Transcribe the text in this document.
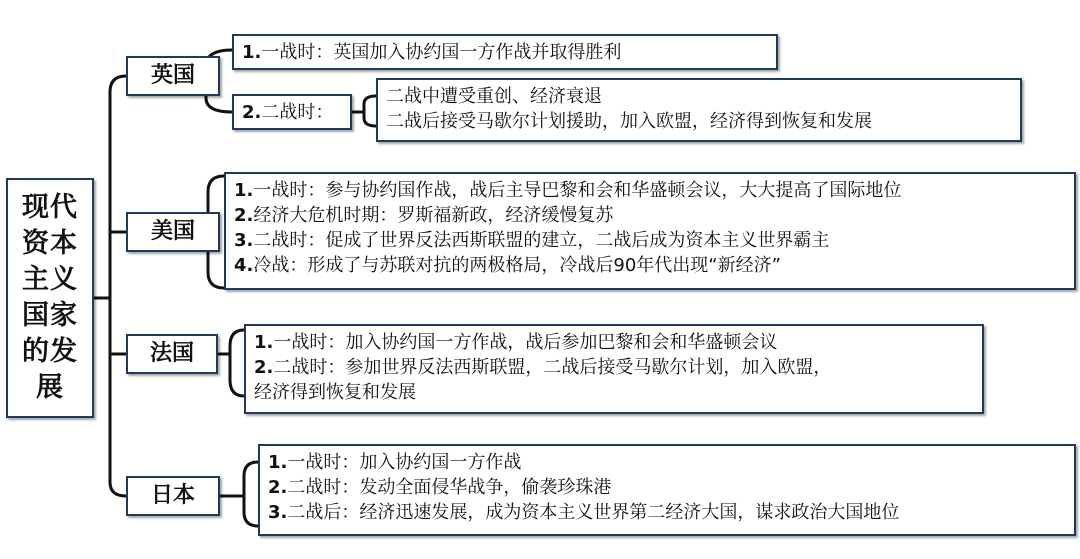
现代资本主义国家的发展
英国
1.一战时：英国加入协约国一方作战并取得胜利
2.二战时：
二战中遭受重创、经济衰退
二战后接受马歇尔计划援助，加入欧盟，经济得到恢复和发展
美国
1.一战时：参与协约国作战，战后主导巴黎和会和华盛顿会议，大大提高了国际地位
2.经济大危机时期：罗斯福新政，经济缓慢复苏
3.二战时：促成了世界反法西斯联盟的建立，二战后成为资本主义世界霸主
4.冷战：形成了与苏联对抗的两极格局，冷战后90年代出现“新经济”
法国	1.一战时：加入协约国一方作战，战后参加巴黎和会和华盛顿会议
2.二战时：参加世界反法西斯联盟，二战后接受马歇尔计划，加入欧盟，
经济得到恢复和发展
日本
1.一战时：加入协约国一方作战
2.二战时：发动全面侵华战争，偷袭珍珠港
3.二战后：经济迅速发展，成为资本主义世界第二经济大国，谋求政治大国地位
